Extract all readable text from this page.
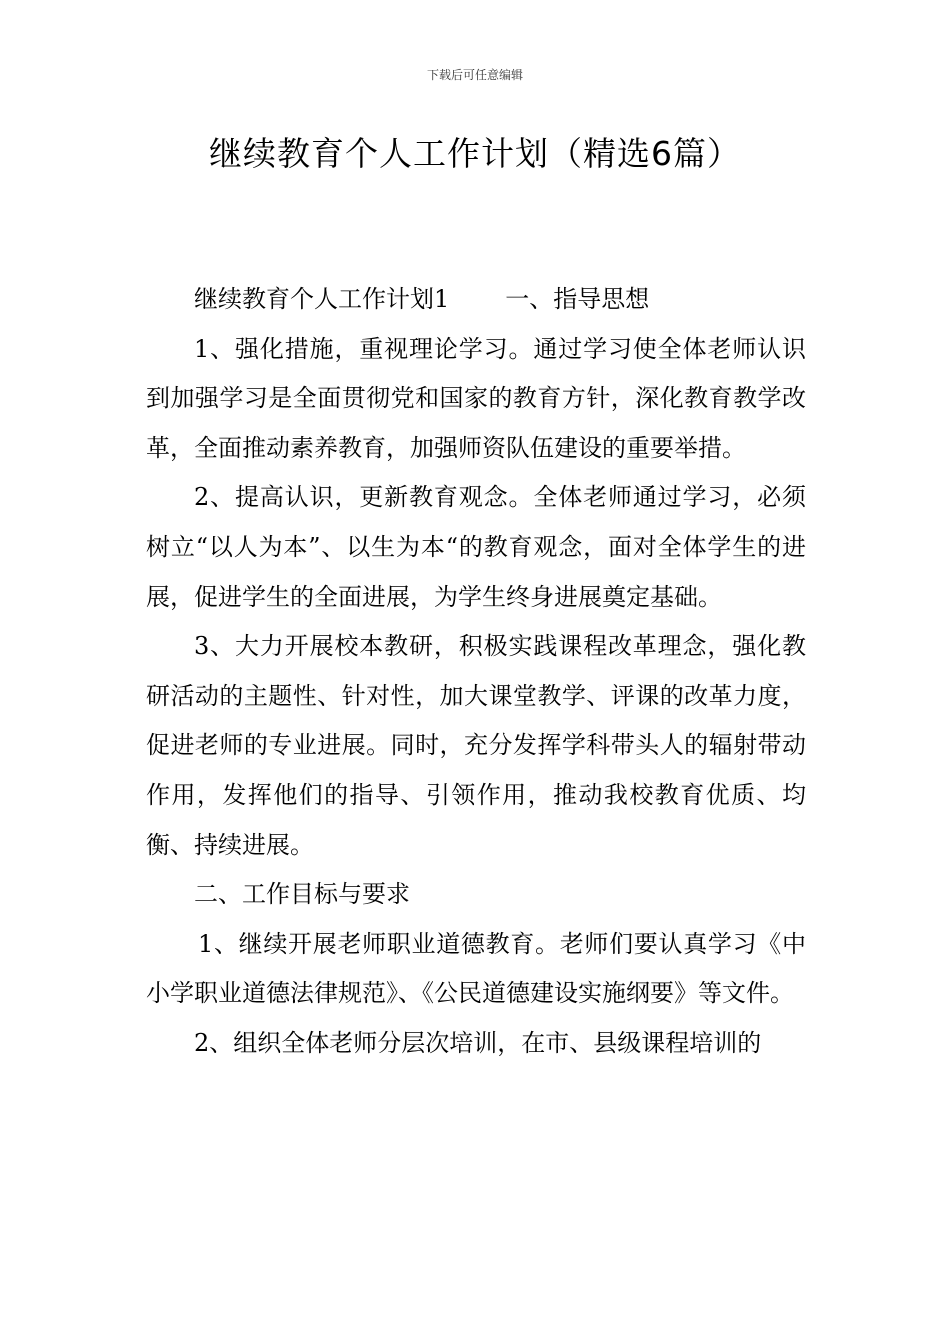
下载后可任意编辑
继续教育个人工作计划（精选6篇）

继续教育个人工作计划1 一、指导思想

1、强化措施，重视理论学习。通过学习使全体老师认识到加强学习是全面贯彻党和国家的教育方针，深化教育教学改革，全面推动素养教育，加强师资队伍建设的重要举措。

2、提高认识，更新教育观念。全体老师通过学习，必须树立“以人为本”、以生为本“的教育观念，面对全体学生的进展，促进学生的全面进展，为学生终身进展奠定基础。

3、大力开展校本教研，积极实践课程改革理念，强化教研活动的主题性、针对性，加大课堂教学、评课的改革力度，促进老师的专业进展。同时，充分发挥学科带头人的辐射带动作用，发挥他们的指导、引领作用，推动我校教育优质、均衡、持续进展。

二、工作目标与要求

1、继续开展老师职业道德教育。老师们要认真学习《中小学职业道德法律规范》、《公民道德建设实施纲要》等文件。

2、组织全体老师分层次培训，在市、县级课程培训的
